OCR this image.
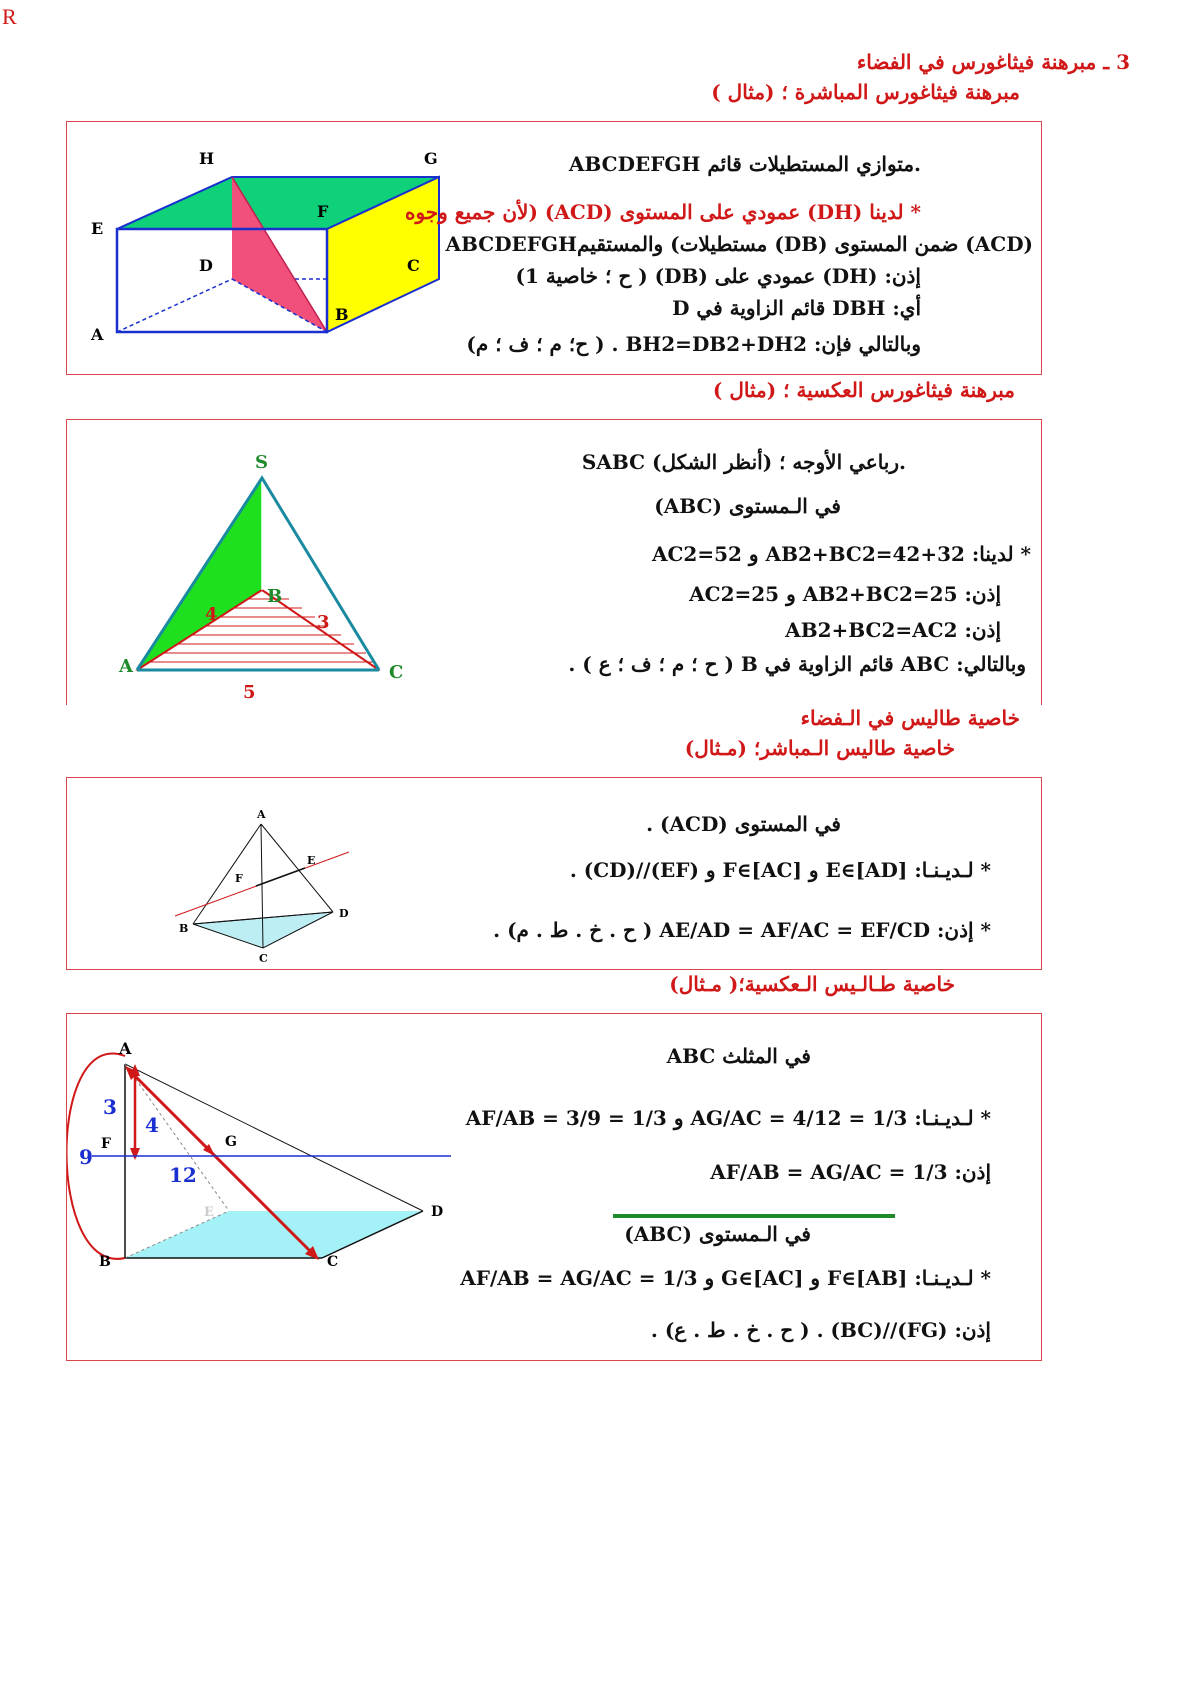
R
3 ـ مبرهنة فيثاغورس في الفضاء
مبرهنة فيثاغورس المباشرة ؛ (مثال )
H	G
E
F
D	C
A
B
ABCDEFGH متوازي المستطيلات قائم.
* لدينا (DH) عمودي على المستوى (ACD) (لأن جميع وجوه
ABCDEFGHمستطيلات) والمستقيم (DB) ضمن المستوى (ACD)
إذن: (DH) عمودي على (DB) ( ح ؛ خاصية 1)
أي: DBH قائم الزاوية في D
وبالتالي فإن: BH2=DB2+DH2 . ( ح؛ م ؛ ف ؛ م)
مبرهنة فيثاغورس العكسية ؛ (مثال )
S
B
A	C
4	3
5
SABC رباعي الأوجه ؛ (أنظر الشكل).
في الـمستوى (ABC)
* لدينا: AB2+BC2=42+32 و AC2=52
إذن: AB2+BC2=25 و AC2=25
إذن: AB2+BC2=AC2
وبالتالي: ABC قائم الزاوية في B ( ح ؛ م ؛ ف ؛ ع ) .
خاصية طاليس في الـفضاء
خاصية طاليس الـمباشر؛ (مـثال)
A
F
E
B
D
C
في المستوى (ACD) .
* لـديـنـا: E∈[AD] و F∈[AC] و (EF)//(CD) .
* إذن: AE/AD = AF/AC = EF/CD ( ح . خ . ط . م) .
خاصية طـالـيس الـعكسية؛( مـثال)
A
3
4
F	G
9
12
E	D
B	C
في المثلث ABC
* لـديـنـا: AG/AC = 4/12 = 1/3 و AF/AB = 3/9 = 1/3
إذن: AF/AB = AG/AC = 1/3
في الـمستوى (ABC)
* لـديـنـا: F∈[AB] و G∈[AC] و AF/AB = AG/AC = 1/3
إذن: (FG)//(BC) . ( ح . خ . ط . ع) .
